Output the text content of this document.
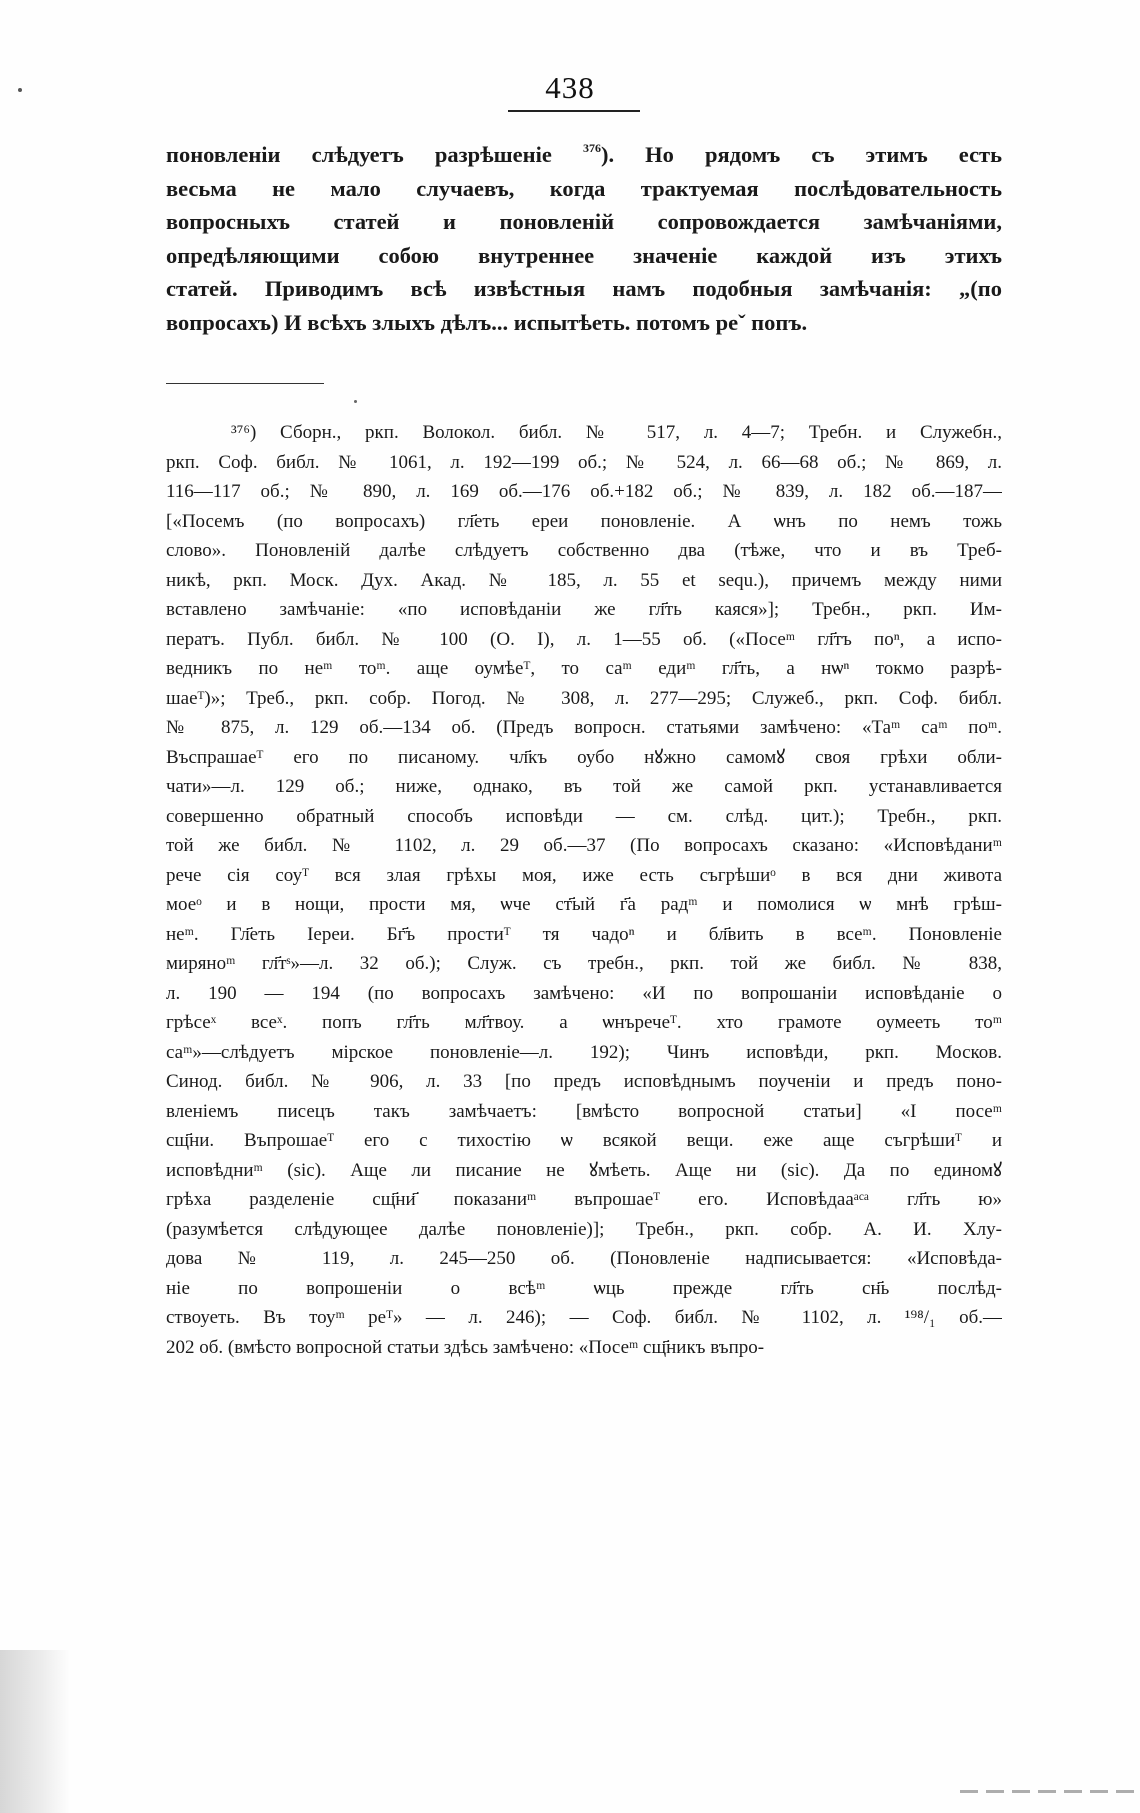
438
поновленіи слѣдуетъ разрѣшеніе $^{376}$). Но рядомъ съ этимъ есть
весьма не мало случаевъ, когда трактуемая послѣдовательность
вопросныхъ статей и поновленій сопровождается замѣчаніями,
опредѣляющими собою внутреннее значеніе каждой изъ этихъ
статей. Приводимъ всѣ извѣстныя намъ подобныя замѣчанія: „(по
вопросахъ) И всѣхъ злыхъ дѣлъ... испытѣеть. потомъ реˇ попъ.
³⁷⁶) Сборн., ркп. Волокол. библ. № 517, л. 4—7; Требн. и Служебн.,
ркп. Соф. библ. № 1061, л. 192—199 об.; № 524, л. 66—68 об.; № 869, л.
116—117 об.; № 890, л. 169 об.—176 об.+182 об.; № 839, л. 182 об.—187—
[«Посемъ (по вопросахъ) гл҃еть ереи поновленіе. А ѡнъ по немъ тожь
слово». Поновленій далѣе слѣдуетъ собственно два (тѣже, что и въ Треб-
никѣ, ркп. Моск. Дух. Акад. № 185, л. 55 et sequ.), причемъ между ними
вставлено замѣчаніе: «по исповѣданіи же гл҃ть каяся»]; Требн., ркп. Им-
ператъ. Публ. библ. № 100 (О. I), л. 1—55 об. («Посеᵐ гл҃тъ поⁿ, а испо-
ведникъ по неᵐ тоᵐ. аще оумѣеᵀ, то саᵐ едиᵐ гл҃ть, а нѡⁿ токмо разрѣ-
шаеᵀ)»; Треб., ркп. собр. Погод. № 308, л. 277—295; Служеб., ркп. Соф. библ.
№ 875, л. 129 об.—134 об. (Предъ вопросн. статьями замѣчено: «Таᵐ саᵐ поᵐ.
Въспрашаеᵀ его по писаному. чл҃къ оубо нꙋжно самомꙋ своя грѣхи обли-
чати»—л. 129 об.; ниже, однако, въ той же самой ркп. устанавливается
совершенно обратный способъ исповѣди — см. слѣд. цит.); Требн., ркп.
той же библ. № 1102, л. 29 об.—37 (По вопросахъ сказано: «Исповѣданиᵐ
рече сія соуᵀ вся злая грѣхы моя, иже есть съгрѣшиᵒ в вся дни живота
моеᵒ и в нощи, прости мя, ѡче ст҃ый г҃а радᵐ и помолися ѡ мнѣ грѣш-
неᵐ. Гл҃еть Іереи. Бг҃ъ простиᵀ тя чадоⁿ и бл҃вить в всеᵐ. Поновленіе
мирянoᵐ гл҃тˢ»—л. 32 об.); Служ. съ требн., ркп. той же библ. № 838,
л. 190 — 194 (по вопросахъ замѣчено: «И по вопрошаніи исповѣданіе о
грѣсеˣ всеˣ. попъ гл҃ть мл҃твоу. а ѡнъречеᵀ. хто грамоте оумееть тоᵐ
саᵐ»—слѣдуетъ мірское поновленіе—л. 192); Чинъ исповѣди, ркп. Москов.
Синод. библ. № 906, л. 33 [по предъ исповѣднымъ поученіи и предъ поно-
вленіемъ писецъ такъ замѣчаетъ: [вмѣсто вопросной статьи] «І посеᵐ
сщ҃ни. Въпрошаеᵀ его с тихостію ѡ всякой вещи. еже аще съгрѣшиᵀ и
исповѣдниᵐ (sic). Аще ли писание не ꙋмѣеть. Аще ни (sic). Да по единомꙋ
грѣха разделеніе сщ҃ни҃ показаниᵐ въпрошаеᵀ его. Исповѣдааᵃᶜᵃ гл҃ть ю»
(разумѣется слѣдующее далѣе поновленіе)]; Требн., ркп. собр. А. И. Хлу-
дова № 119, л. 245—250 об. (Поновленіе надписывается: «Исповѣда-
ніе по вопрошеніи о всѣᵐ ѡць прежде гл҃ть сн҃ь послѣд-
ствоуеть. Въ тоуᵐ реᵀ» — л. 246); — Соф. библ. № 1102, л. ¹⁹⁸/₁ об.—
202 об. (вмѣсто вопросной статьи здѣсь замѣчено: «Посеᵐ сщ҃никъ въпро-
